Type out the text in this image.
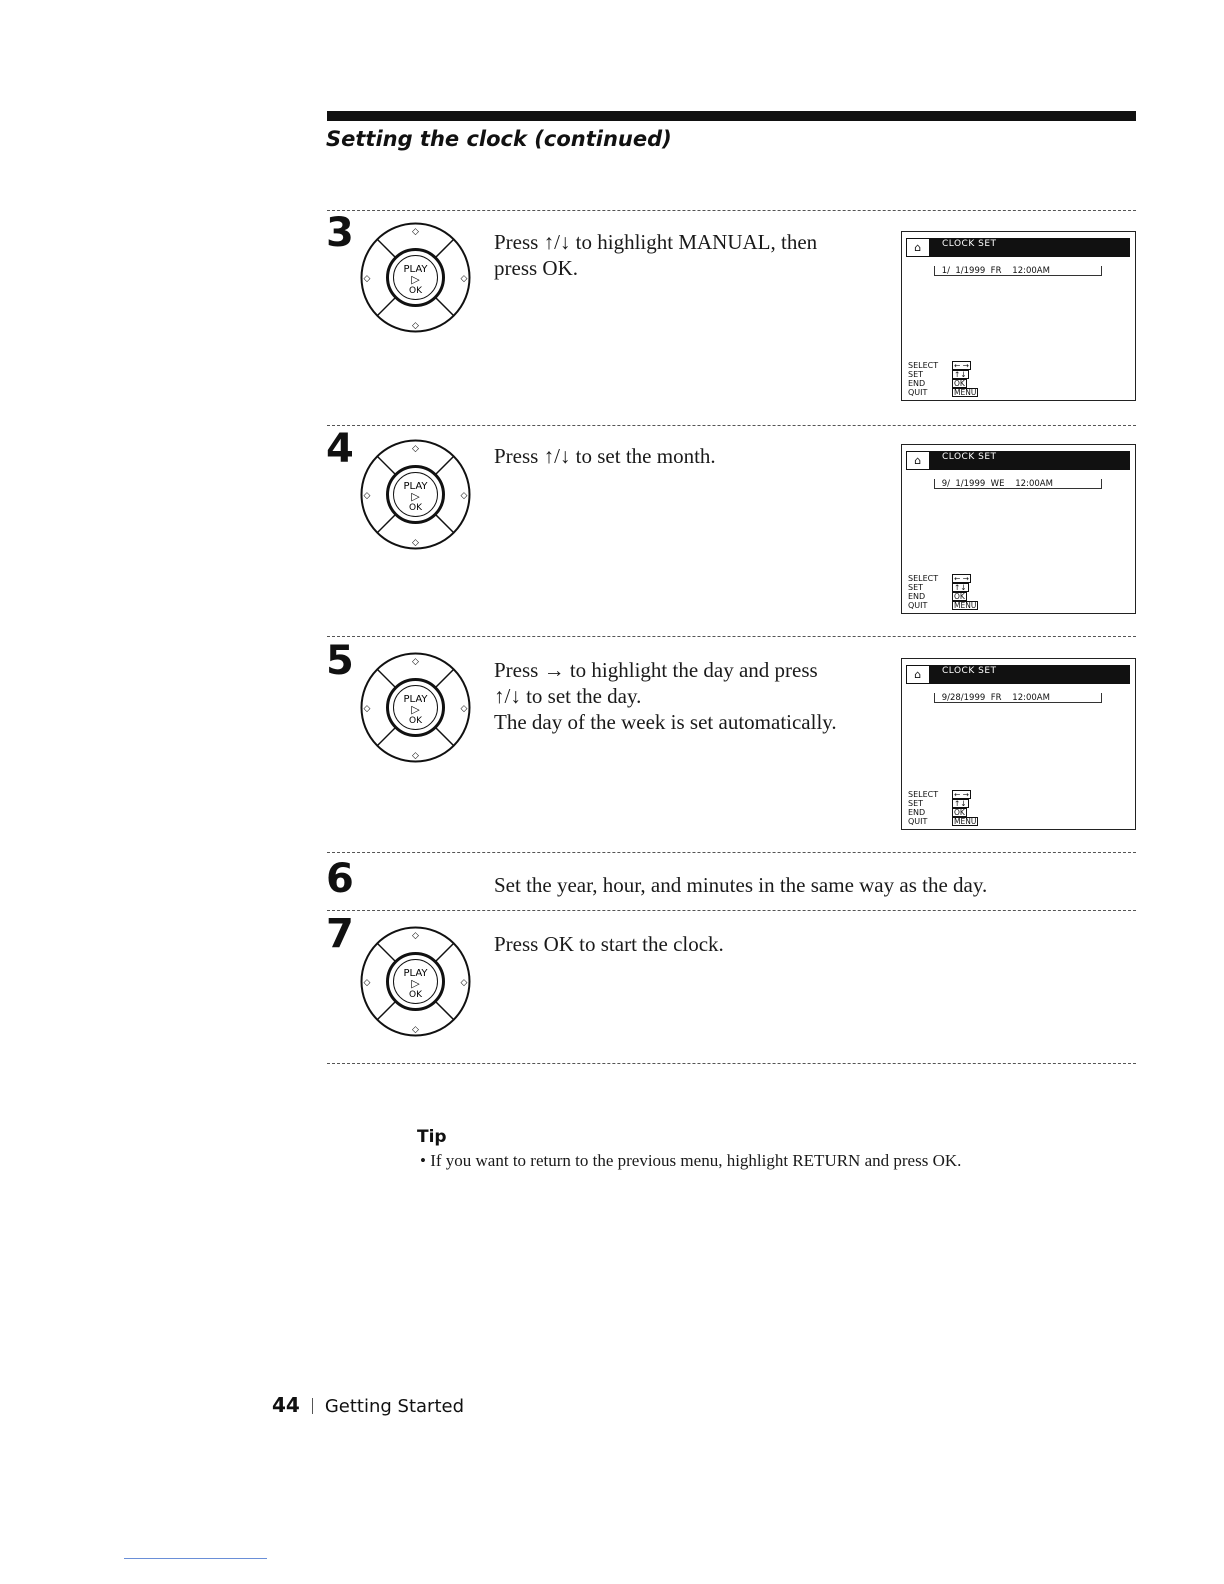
Setting the clock (continued)
3
PLAY
▷
OK
◇
◇
◇	◇

Press ↑/↓ to highlight MANUAL, then

press OK.

⌂	CLOCK SET
1/  1/1999  FR    12:00AM
SELECT	← →
SET	↑↓
END	OK
QUIT	MENU
4
PLAY
▷
OK
◇
◇
◇	◇

Press ↑/↓ to set the month.	⌂	CLOCK SET
9/  1/1999  WE    12:00AM
SELECT	← →
SET	↑↓
END	OK
QUIT	MENU
5
PLAY
▷
OK
◇
◇
◇	◇

Press → to highlight the day and press

↑/↓ to set the day.

The day of the week is set automatically.

⌂	CLOCK SET
9/28/1999  FR    12:00AM
SELECT	← →
SET	↑↓
END	OK
QUIT	MENU
6	Set the year, hour, and minutes in the same way as the day.

7
PLAY
▷
OK
◇
◇
◇	◇

Press OK to start the clock.

Tip
• If you want to return to the previous menu, highlight RETURN and press OK.
44 Getting Started
